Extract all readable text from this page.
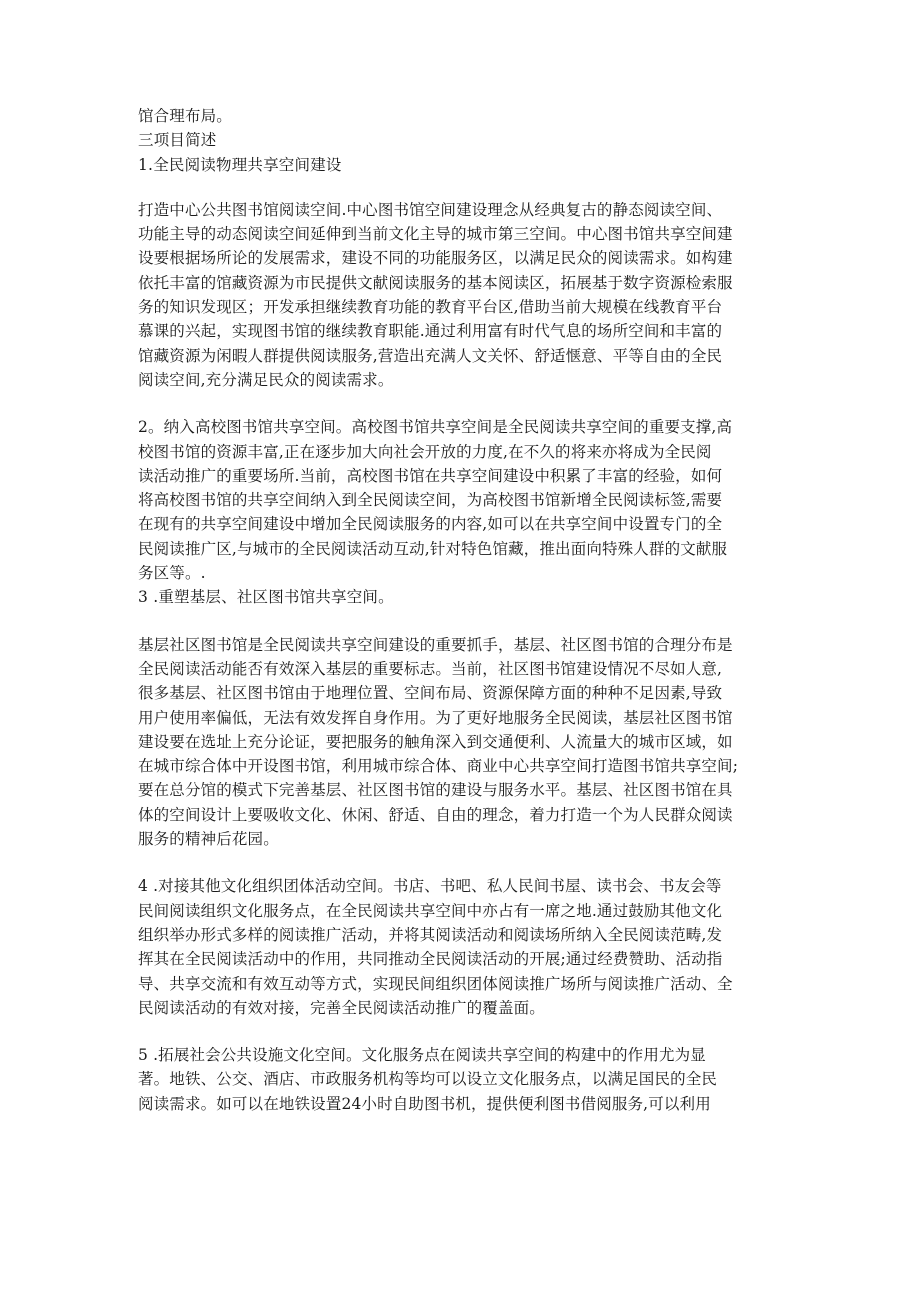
馆合理布局。

三项目简述

1.全民阅读物理共享空间建设

打造中心公共图书馆阅读空间.中心图书馆空间建设理念从经典复古的静态阅读空间、
功能主导的动态阅读空间延伸到当前文化主导的城市第三空间。中心图书馆共享空间建
设要根据场所论的发展需求，建设不同的功能服务区，以满足民众的阅读需求。如构建
依托丰富的馆藏资源为市民提供文献阅读服务的基本阅读区，拓展基于数字资源检索服
务的知识发现区；开发承担继续教育功能的教育平台区,借助当前大规模在线教育平台
慕课的兴起，实现图书馆的继续教育职能.通过利用富有时代气息的场所空间和丰富的
馆藏资源为闲暇人群提供阅读服务,营造出充满人文关怀、舒适惬意、平等自由的全民
阅读空间,充分满足民众的阅读需求。

2。纳入高校图书馆共享空间。高校图书馆共享空间是全民阅读共享空间的重要支撑,高
校图书馆的资源丰富,正在逐步加大向社会开放的力度,在不久的将来亦将成为全民阅
读活动推广的重要场所.当前，高校图书馆在共享空间建设中积累了丰富的经验，如何
将高校图书馆的共享空间纳入到全民阅读空间，为高校图书馆新增全民阅读标签,需要
在现有的共享空间建设中增加全民阅读服务的内容,如可以在共享空间中设置专门的全
民阅读推广区,与城市的全民阅读活动互动,针对特色馆藏，推出面向特殊人群的文献服
务区等。.

3 .重塑基层、社区图书馆共享空间。

基层社区图书馆是全民阅读共享空间建设的重要抓手，基层、社区图书馆的合理分布是
全民阅读活动能否有效深入基层的重要标志。当前，社区图书馆建设情况不尽如人意,
很多基层、社区图书馆由于地理位置、空间布局、资源保障方面的种种不足因素,导致
用户使用率偏低，无法有效发挥自身作用。为了更好地服务全民阅读，基层社区图书馆
建设要在选址上充分论证，要把服务的触角深入到交通便利、人流量大的城市区域，如
在城市综合体中开设图书馆，利用城市综合体、商业中心共享空间打造图书馆共享空间;
要在总分馆的模式下完善基层、社区图书馆的建设与服务水平。基层、社区图书馆在具
体的空间设计上要吸收文化、休闲、舒适、自由的理念，着力打造一个为人民群众阅读
服务的精神后花园。

4 .对接其他文化组织团体活动空间。书店、书吧、私人民间书屋、读书会、书友会等
民间阅读组织文化服务点，在全民阅读共享空间中亦占有一席之地.通过鼓励其他文化
组织举办形式多样的阅读推广活动，并将其阅读活动和阅读场所纳入全民阅读范畴,发
挥其在全民阅读活动中的作用，共同推动全民阅读活动的开展;通过经费赞助、活动指
导、共享交流和有效互动等方式，实现民间组织团体阅读推广场所与阅读推广活动、全
民阅读活动的有效对接，完善全民阅读活动推广的覆盖面。

5 .拓展社会公共设施文化空间。文化服务点在阅读共享空间的构建中的作用尤为显
著。地铁、公交、酒店、市政服务机构等均可以设立文化服务点，以满足国民的全民
阅读需求。如可以在地铁设置24小时自助图书机，提供便利图书借阅服务,可以利用
